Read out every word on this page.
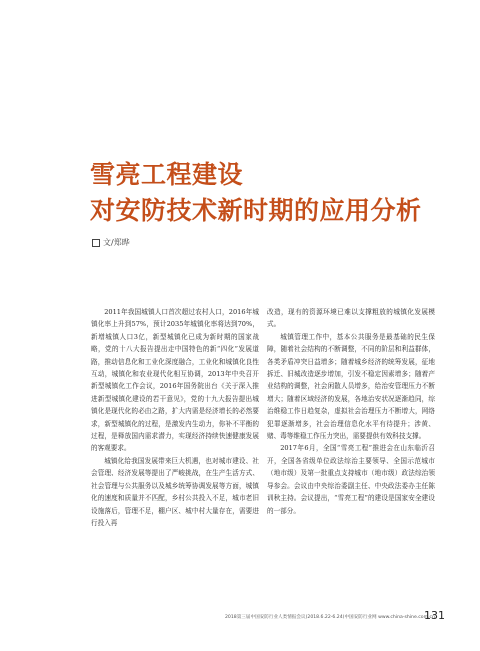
雪亮工程建设
对安防技术新时期的应用分析
文/郑晔

2011年我国城镇人口首次超过农村人口，2016年城镇化率上升到57%，预计2035年城镇化率将达到70%，新增城镇人口3亿，新型城镇化已成为新时期的国家战略，党的十八大报告提出走中国特色的新“四化”发展道路，推动信息化和工业化深度融合，工业化和城镇化良性互动，城镇化和农业现代化相互协调，2013年中央召开新型城镇化工作会议，2016年国务院出台《关于深入推进新型城镇化建设的若干意见》，党的十九大报告提出城镇化是现代化的必由之路，扩大内需是经济增长的必然要求，新型城镇化的过程，是激发内生动力，你补不平衡的过程，是释放国内需求潜力，实现经济持续快速健康发展的客观要求。

城镇化给我国发展带来巨大机遇，也对城市建设、社会管理、经济发展等提出了严峻挑战，在生产生活方式、社会管理与公共服务以及城乡统筹协调发展等方面，城镇化的速度和质量并不匹配，乡村公共投入不足，城市老旧设施落后，管理不足，棚户区、城中村大量存在，需要进行投入再

改造，现有的资源环境已难以支撑粗放的城镇化发展模式。

城镇管理工作中，基本公共服务是最基础的民生保障，随着社会结构的不断调整，不同的阶层和利益群体，各类矛盾冲突日益增多；随着城乡经济的统筹发展，征地拆迁、旧城改造逐步增加，引发不稳定因素增多；随着产业结构的调整，社会闲散人员增多，给治安管理压力不断增大；随着区域经济的发展，各地治安状况逐渐趋同，综治维稳工作日趋复杂，虚拟社会治理压力不断增大，网络犯罪逐渐增多，社会治理信息化水平有待提升；涉黄、赌、毒等维稳工作压力突出，需要提供有效科技支撑。

2017年6月，全国“雪亮工程”推进会在山东临沂召开，全国各省级单位政法综治主要领导、全国示范城市（地市级）及第一批重点支持城市（地市级）政法综治领导参会。会议由中央综治委副主任、中央政法委办主任陈训秋主持。会议提出，“雪亮工程”的建设是国家安全建设的一部分。

2018第三届中国安防行业人类情报会议(2018.6.22-6.24)中国安防行业网 www.china-shine.com.cn
131
